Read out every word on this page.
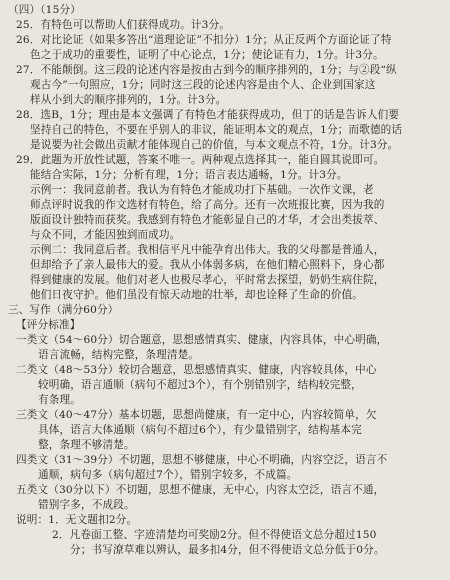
（四）（15分）
25．有特色可以帮助人们获得成功。计3分。
26．对比论证（如果多答出“道理论证”不扣分）1分；从正反两个方面论证了特
色之于成功的重要性，证明了中心论点，1分；使论证有力，1分。计3分。
27．不能颠倒。这三段的论述内容是按由古到今的顺序排列的，1分；与②段“纵
观古今”一句照应，1分；同时这三段的论述内容是由个人、企业到国家这
样从小到大的顺序排列的，1分。计3分。
28．选B，1分；理由是本文强调了有特色才能获得成功，但丁的话是告诉人们要
坚持自己的特色，不要在乎别人的非议，能证明本文的观点，1分；而歌德的话
是说要为社会做出贡献才能体现自己的价值，与本文观点不符，1分。计3分。
29．此题为开放性试题，答案不唯一。两种观点选择其一，能自圆其说即可。
能结合实际，1分；分析有理，1分；语言表达通畅，1分。计3分。
示例一：我同意前者。我认为有特色才能成功打下基础。一次作文课，老
师点评时说我的作文选材有特色，给了高分。还有一次班报比赛，因为我的
版面设计独特而获奖。我感到有特色才能彰显自己的才华，才会出类拔萃、
与众不同，才能因独到而成功。
示例二：我同意后者。我相信平凡中能孕育出伟大。我的父母都是普通人，
但却给予了亲人最伟大的爱。我从小体弱多病，在他们精心照料下，身心都
得到健康的发展。他们对老人也极尽孝心，平时常去探望，奶奶生病住院，
他们日夜守护。他们虽没有惊天动地的壮举，却也诠释了生命的价值。
三、写作（满分60分）
【评分标准】
一类文（54～60分）切合题意，思想感情真实、健康，内容具体，中心明确，
语言流畅，结构完整，条理清楚。
二类文（48～53分）较切合题意，思想感情真实、健康，内容较具体，中心
较明确，语言通顺（病句不超过3个），有个别错别字，结构较完整，
有条理。
三类文（40～47分）基本切题，思想尚健康，有一定中心，内容较简单，欠
具体，语言大体通顺（病句不超过6个），有少量错别字，结构基本完
整，条理不够清楚。
四类文（31～39分）不切题，思想不够健康，中心不明确，内容空泛，语言不
通顺，病句多（病句超过7个），错别字较多，不成篇。
五类文（30分以下）不切题，思想不健康，无中心，内容太空泛，语言不通，
错别字多，不成段。
说明：1．无文题扣2分。
2．凡卷面工整、字迹清楚均可奖励2分。但不得使语文总分超过150
分；书写潦草难以辨认，最多扣4分，但不得使语文总分低于0分。
